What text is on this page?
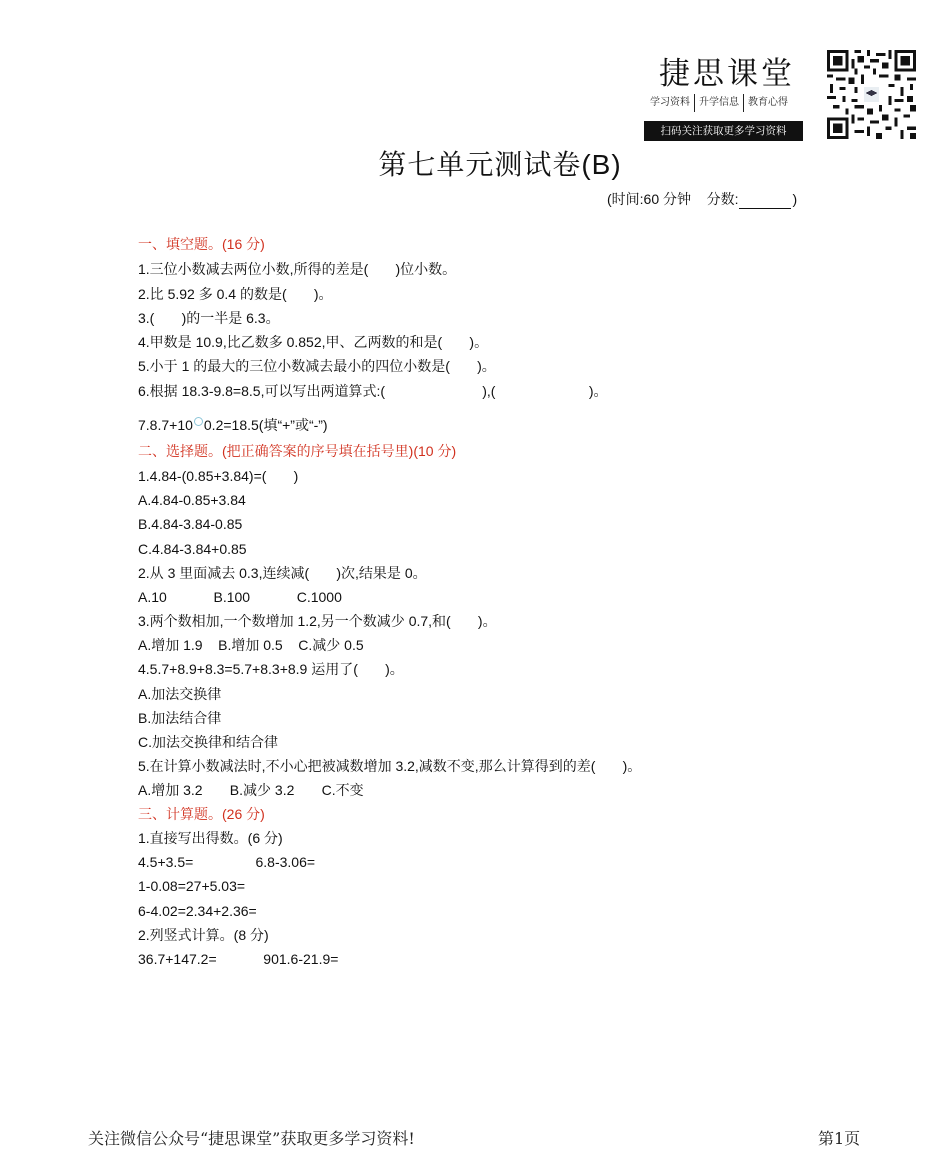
捷思课堂
学习资料 升学信息 教育心得
扫码关注获取更多学习资料
第七单元测试卷(B)
(时间:60 分钟 分数:	)
一、填空题。(16 分)
1.三位小数减去两位小数,所得的差是(       )位小数。
2.比 5.92 多 0.4 的数是(       )。
3.(       )的一半是 6.3。
4.甲数是 10.9,比乙数多 0.852,甲、乙两数的和是(       )。
5.小于 1 的最大的三位小数减去最小的四位小数是(       )。
6.根据 18.3-9.8=8.5,可以写出两道算式:(                         ),(                        )。
7.8.7+10 0.2=18.5(填“+”或“-”)
二、选择题。(把正确答案的序号填在括号里)(10 分)
1.4.84-(0.85+3.84)=(       )
A.4.84-0.85+3.84
B.4.84-3.84-0.85
C.4.84-3.84+0.85
2.从 3 里面减去 0.3,连续减(       )次,结果是 0。
A.10            B.100            C.1000
3.两个数相加,一个数增加 1.2,另一个数减少 0.7,和(       )。
A.增加 1.9    B.增加 0.5    C.减少 0.5
4.5.7+8.9+8.3=5.7+8.3+8.9 运用了(       )。
A.加法交换律
B.加法结合律
C.加法交换律和结合律
5.在计算小数减法时,不小心把被减数增加 3.2,减数不变,那么计算得到的差(       )。
A.增加 3.2       B.减少 3.2       C.不变
三、计算题。(26 分)
1.直接写出得数。(6 分)
4.5+3.5=                6.8-3.06=
1-0.08=27+5.03=
6-4.02=2.34+2.36=
2.列竖式计算。(8 分)
36.7+147.2=            901.6-21.9=
关注微信公众号“捷思课堂”获取更多学习资料!	第1页
